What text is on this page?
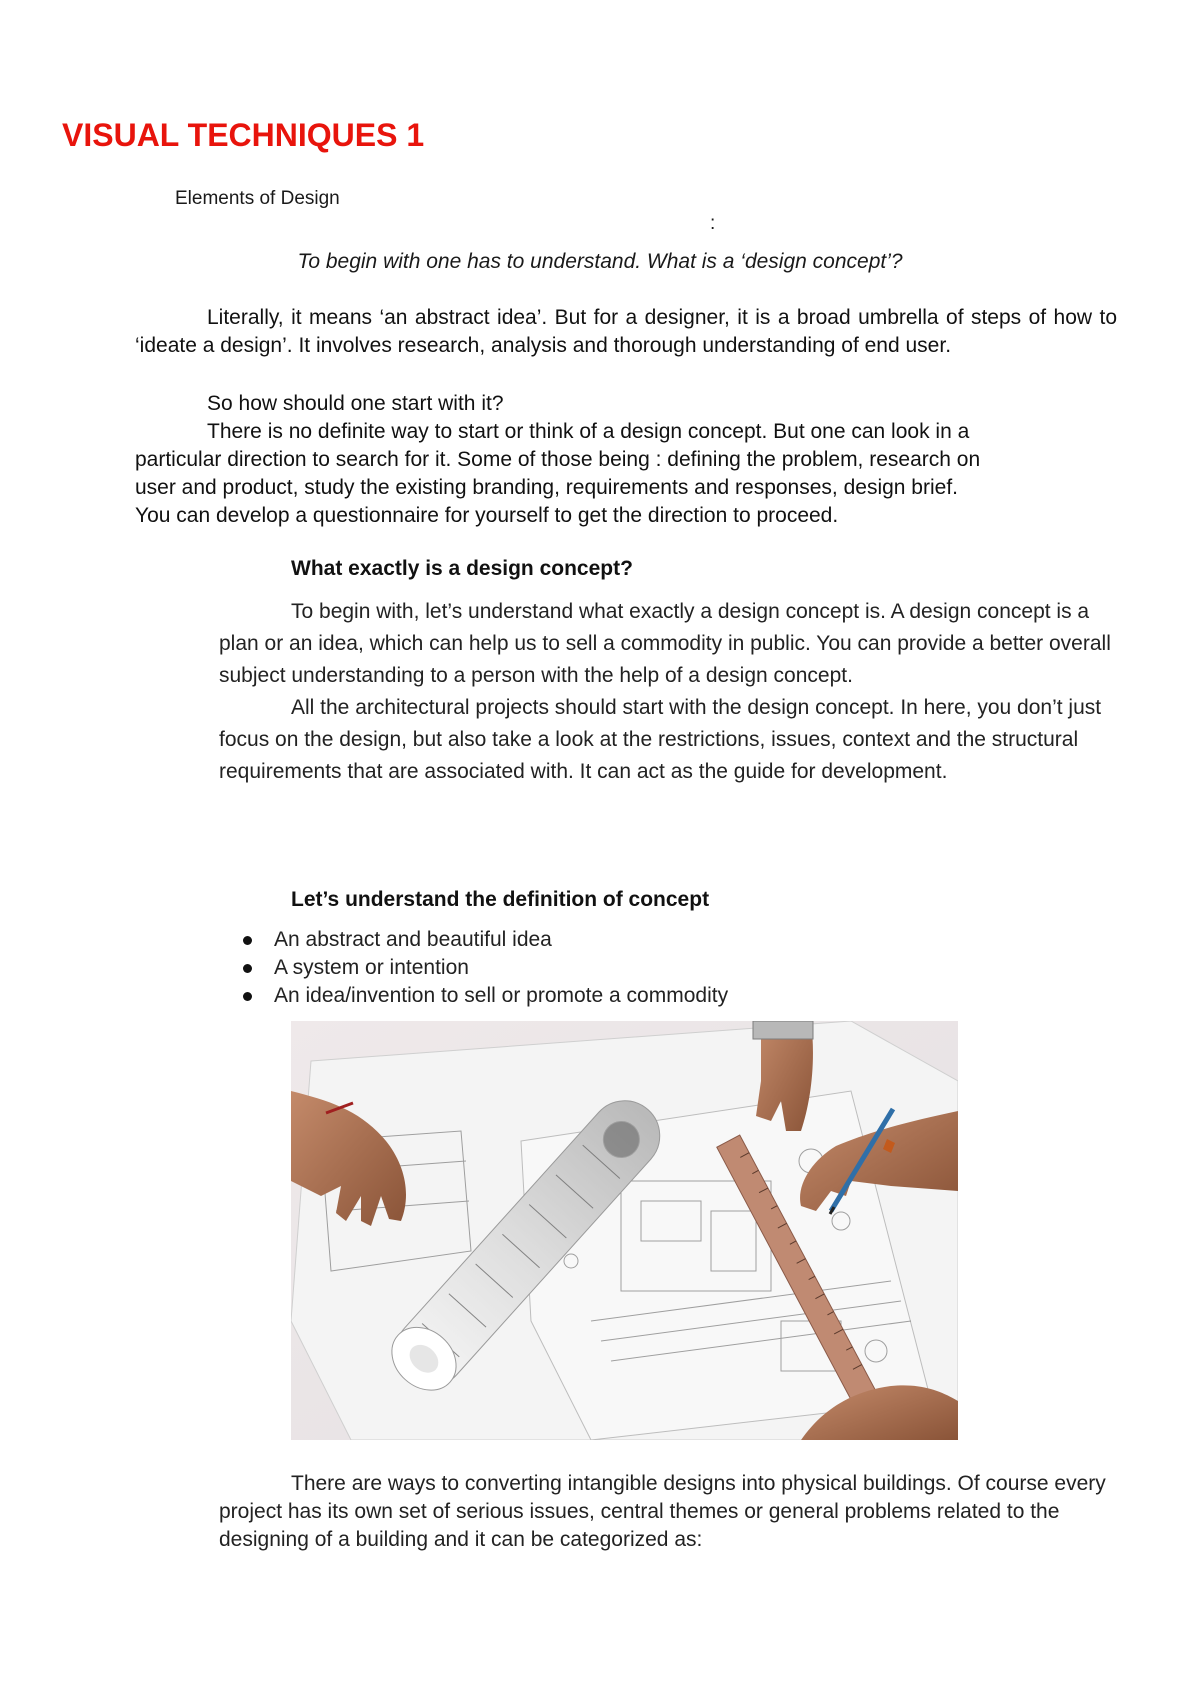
VISUAL TECHNIQUES 1
Elements of Design
:
To begin with one has to understand. What is a ‘design concept’?
Literally, it means ‘an abstract idea’. But for a designer, it is a broad umbrella of steps of how to ‘ideate a design’. It involves research, analysis and thorough understanding of end user.
So how should one start with it?
There is no definite way to start or think of a design concept. But one can look in a
particular direction to search for it. Some of those being : defining the problem, research on
user and product, study the existing branding, requirements and responses, design brief.
You can develop a questionnaire for yourself to get the direction to proceed.
What exactly is a design concept?

To begin with, let’s understand what exactly a design concept is. A design concept is a plan or an idea, which can help us to sell a commodity in public. You can provide a better overall subject understanding to a person with the help of a design concept.

All the architectural projects should start with the design concept. In here, you don’t just focus on the design, but also take a look at the restrictions, issues, context and the structural requirements that are associated with. It can act as the guide for development.

Let’s understand the definition of concept
An abstract and beautiful idea
A system or intention
An idea/invention to sell or promote a commodity
There are ways to converting intangible designs into physical buildings. Of course every project has its own set of serious issues, central themes or general problems related to the designing of a building and it can be categorized as:
